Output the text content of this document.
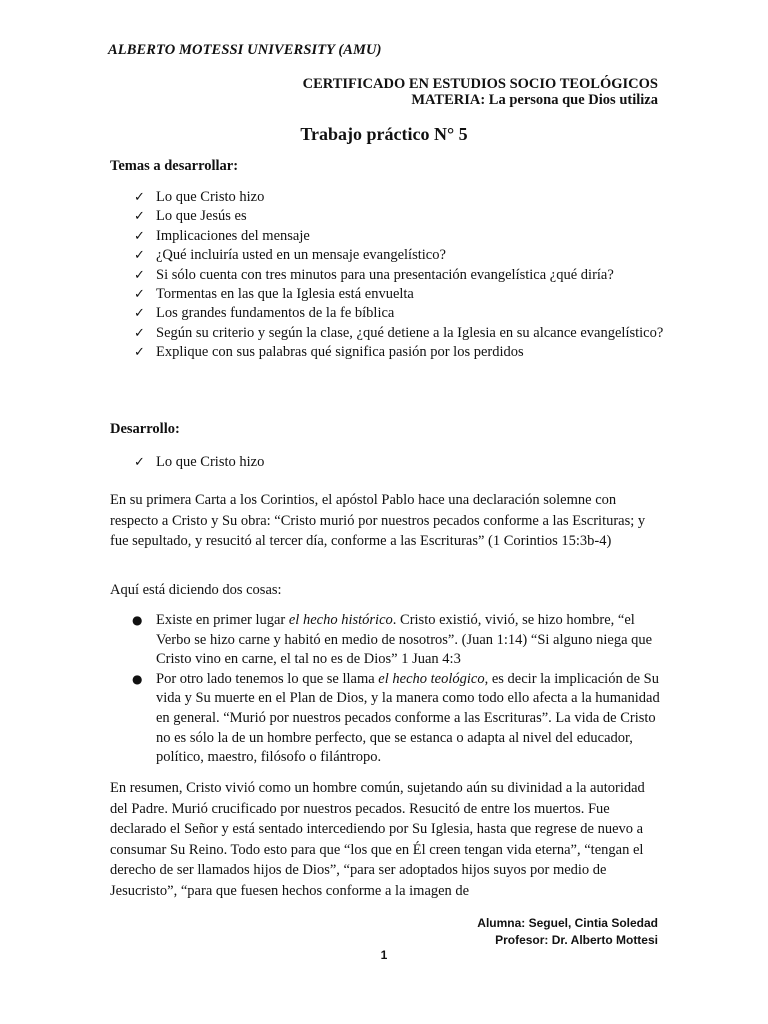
ALBERTO MOTESSI UNIVERSITY (AMU)

CERTIFICADO EN ESTUDIOS SOCIO TEOLÓGICOS

MATERIA: La persona que Dios utiliza

Trabajo práctico N° 5

Temas a desarrollar:

✓ Lo que Cristo hizo
✓ Lo que Jesús es
✓ Implicaciones del mensaje
✓ ¿Qué incluiría usted en un mensaje evangelístico?
✓ Si sólo cuenta con tres minutos para una presentación evangelística ¿qué diría?
✓ Tormentas en las que la Iglesia está envuelta
✓ Los grandes fundamentos de la fe bíblica
✓ Según su criterio y según la clase, ¿qué detiene a la Iglesia en su alcance evangelístico?
✓ Explique con sus palabras qué significa pasión por los perdidos

Desarrollo:

✓ Lo que Cristo hizo

En su primera Carta a los Corintios, el apóstol Pablo hace una declaración solemne con respecto a Cristo y Su obra: “Cristo murió por nuestros pecados conforme a las Escrituras; y fue sepultado, y resucitó al tercer día, conforme a las Escrituras” (1 Corintios 15:3b-4)

Aquí está diciendo dos cosas:

● Existe en primer lugar el hecho histórico. Cristo existió, vivió, se hizo hombre, “el Verbo se hizo carne y habitó en medio de nosotros”. (Juan 1:14) “Si alguno niega que Cristo vino en carne, el tal no es de Dios” 1 Juan 4:3
● Por otro lado tenemos lo que se llama el hecho teológico, es decir la implicación de Su vida y Su muerte en el Plan de Dios, y la manera como todo ello afecta a la humanidad en general. “Murió por nuestros pecados conforme a las Escrituras”. La vida de Cristo no es sólo la de un hombre perfecto, que se estanca o adapta al nivel del educador, político, maestro, filósofo o filántropo.

En resumen, Cristo vivió como un hombre común, sujetando aún su divinidad a la autoridad del Padre. Murió crucificado por nuestros pecados. Resucitó de entre los muertos. Fue declarado el Señor y está sentado intercediendo por Su Iglesia, hasta que regrese de nuevo a consumar Su Reino. Todo esto para que “los que en Él creen tengan vida eterna”, “tengan el derecho de ser llamados hijos de Dios”, “para ser adoptados hijos suyos por medio de Jesucristo”, “para que fuesen hechos conforme a la imagen de

Alumna: Seguel, Cintia Soledad

Profesor: Dr. Alberto Mottesi

1
